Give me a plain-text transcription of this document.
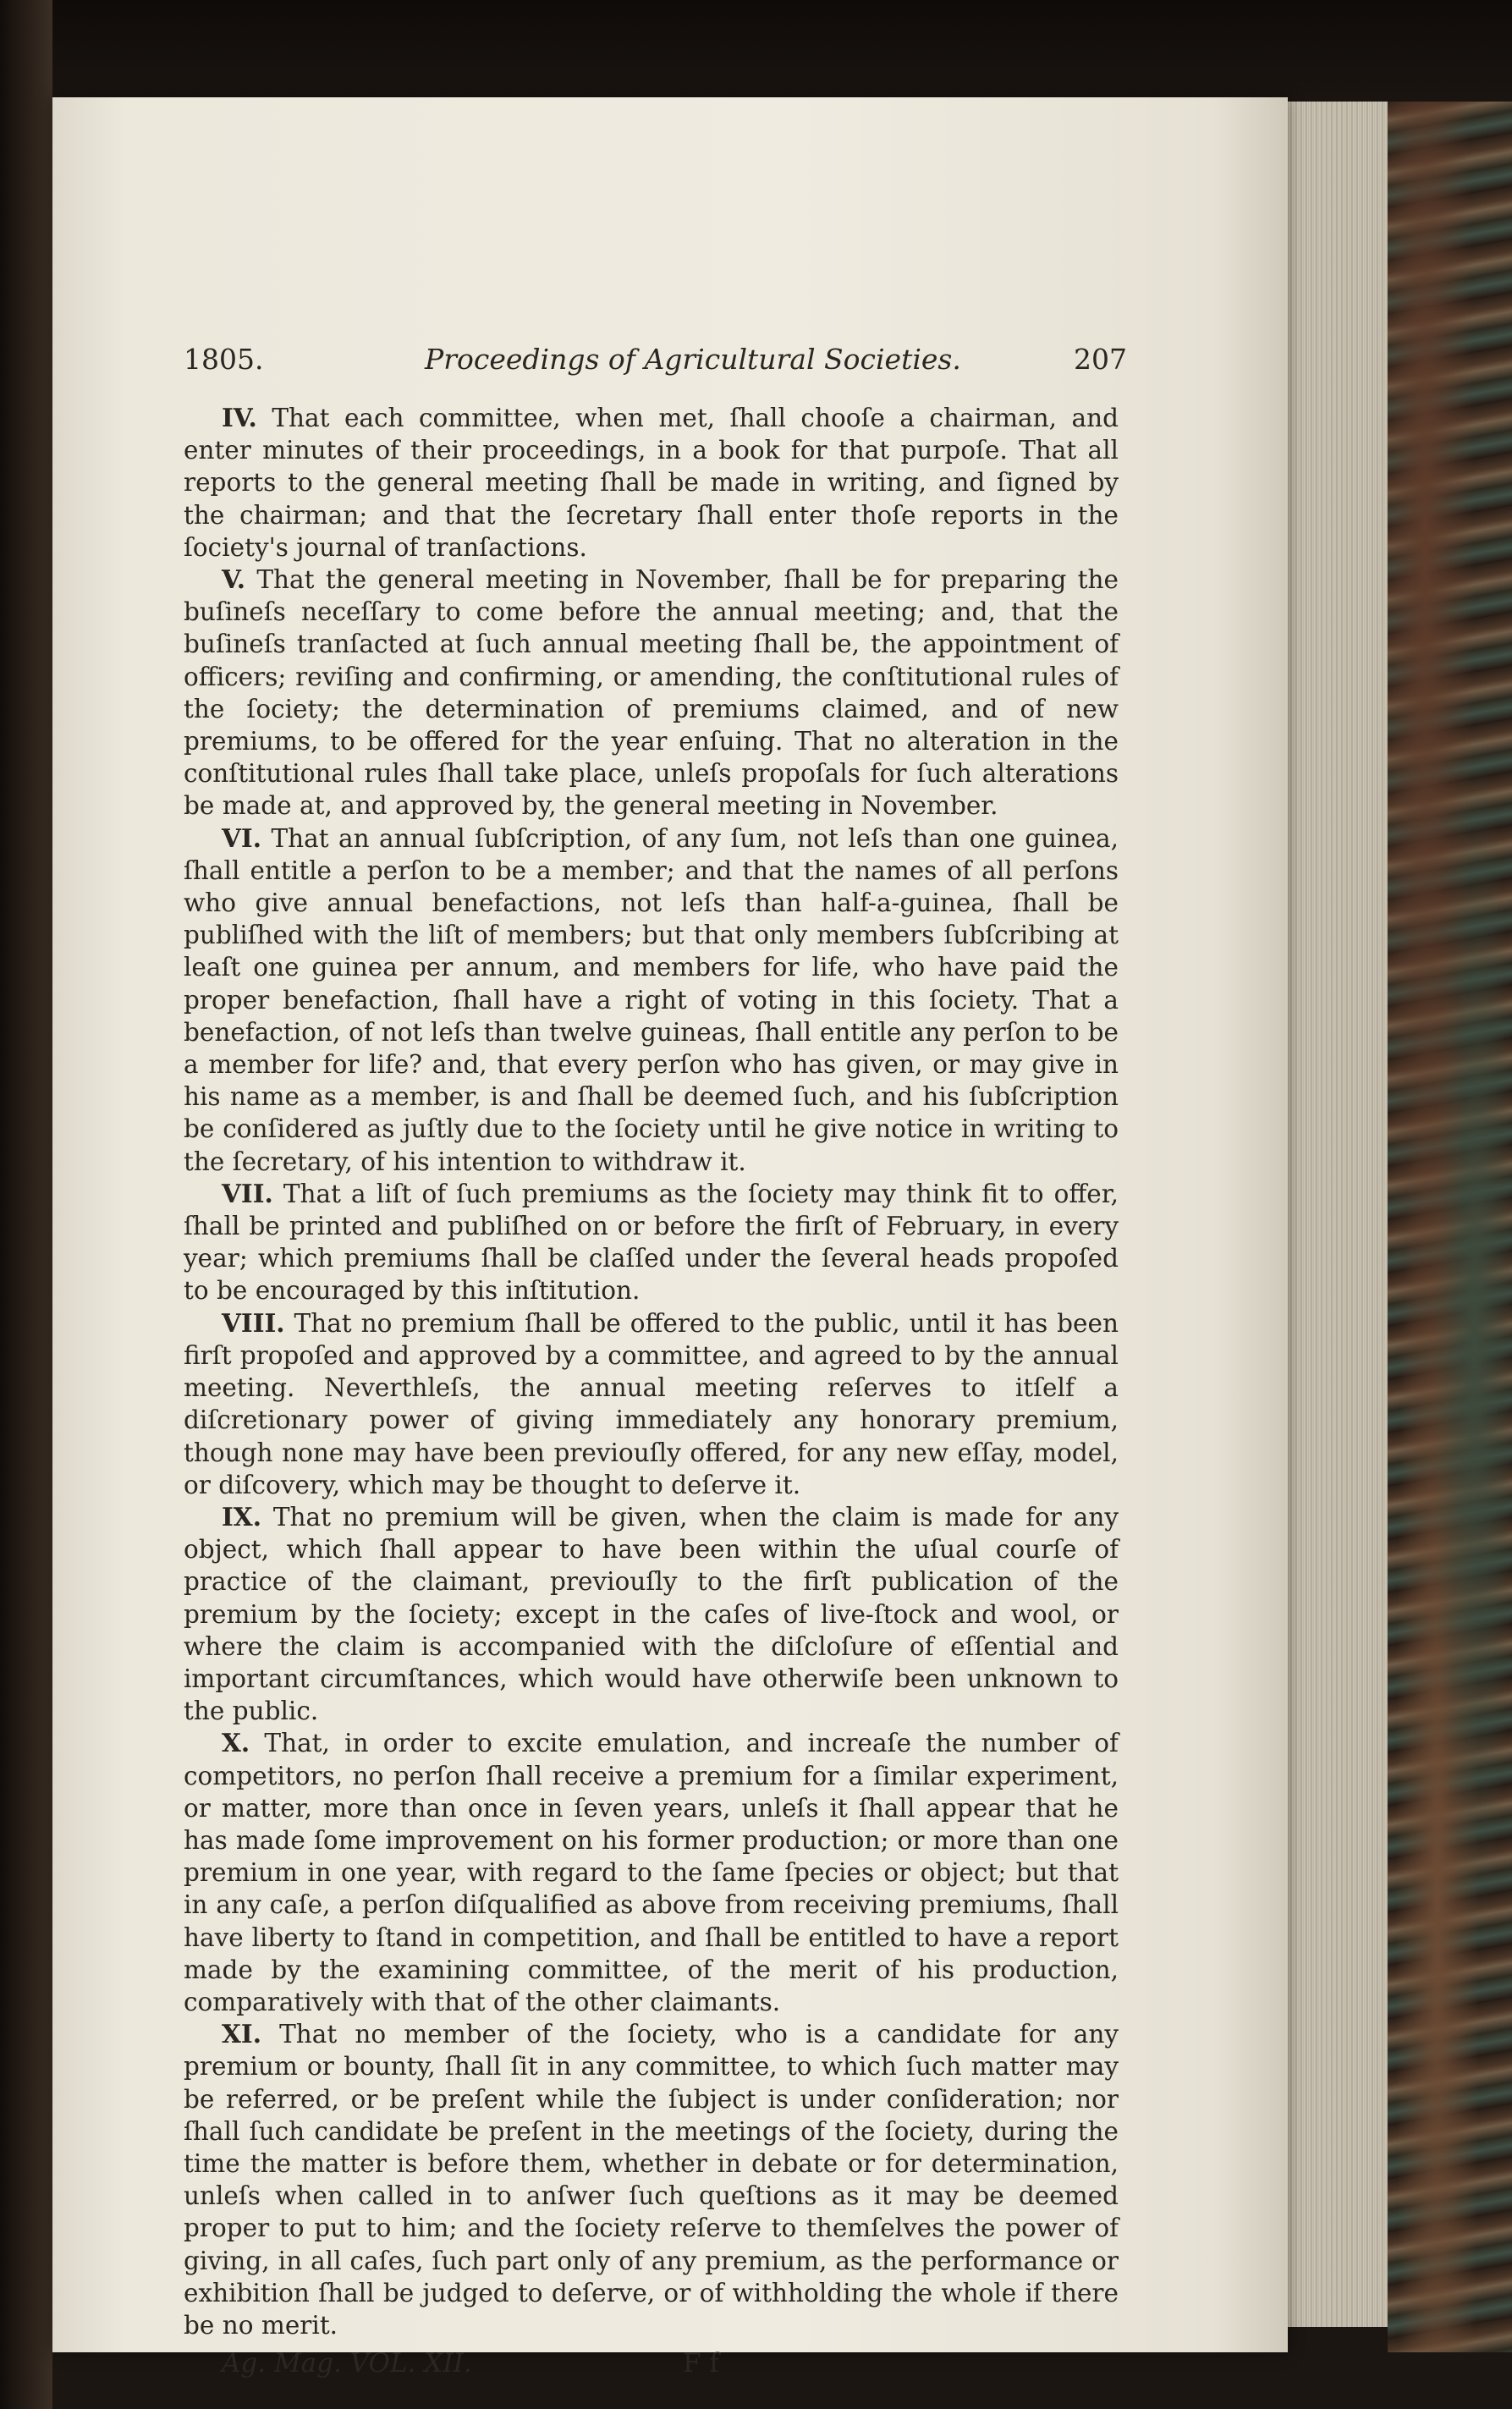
1805.	Proceedings of Agricultural Societies.	207

IV. That each committee, when met, ſhall chooſe a chairman, and enter minutes of their proceedings, in a book for that purpoſe. That all reports to the general meeting ſhall be made in writing, and ſigned by the chairman; and that the ſecretary ſhall enter thoſe reports in the ſociety's journal of tranſactions.

V. That the general meeting in November, ſhall be for preparing the buſineſs neceſſary to come before the annual meeting; and, that the buſineſs tranſacted at ſuch annual meeting ſhall be, the appointment of officers; reviſing and confirming, or amending, the conſtitutional rules of the ſociety; the determination of premiums claimed, and of new premiums, to be offered for the year enſuing. That no alteration in the conſtitutional rules ſhall take place, unleſs propoſals for ſuch alterations be made at, and approved by, the general meeting in November.

VI. That an annual ſubſcription, of any ſum, not leſs than one guinea, ſhall entitle a perſon to be a member; and that the names of all perſons who give annual benefactions, not leſs than half-a-guinea, ſhall be publiſhed with the liſt of members; but that only members ſubſcribing at leaſt one guinea per annum, and members for life, who have paid the proper benefaction, ſhall have a right of voting in this ſociety. That a benefaction, of not leſs than twelve guineas, ſhall entitle any perſon to be a member for life? and, that every perſon who has given, or may give in his name as a member, is and ſhall be deemed ſuch, and his ſubſcription be conſidered as juſtly due to the ſociety until he give notice in writing to the ſecretary, of his intention to withdraw it.

VII. That a liſt of ſuch premiums as the ſociety may think fit to offer, ſhall be printed and publiſhed on or before the firſt of February, in every year; which premiums ſhall be claſſed under the ſeveral heads propoſed to be encouraged by this inſtitution.

VIII. That no premium ſhall be offered to the public, until it has been firſt propoſed and approved by a committee, and agreed to by the annual meeting. Neverthleſs, the annual meeting reſerves to itſelf a diſcretionary power of giving immediately any honorary premium, though none may have been previouſly offered, for any new eſſay, model, or diſcovery, which may be thought to deſerve it.

IX. That no premium will be given, when the claim is made for any object, which ſhall appear to have been within the uſual courſe of practice of the claimant, previouſly to the firſt publication of the premium by the ſociety; except in the caſes of live-ſtock and wool, or where the claim is accompanied with the diſcloſure of eſſential and important circumſtances, which would have otherwiſe been unknown to the public.

X. That, in order to excite emulation, and increaſe the number of competitors, no perſon ſhall receive a premium for a ſimilar experiment, or matter, more than once in ſeven years, unleſs it ſhall appear that he has made ſome improvement on his former production; or more than one premium in one year, with regard to the ſame ſpecies or object; but that in any caſe, a perſon diſqualified as above from receiving premiums, ſhall have liberty to ſtand in competition, and ſhall be entitled to have a report made by the examining committee, of the merit of his production, comparatively with that of the other claimants.

XI. That no member of the ſociety, who is a candidate for any premium or bounty, ſhall ſit in any committee, to which ſuch matter may be referred, or be preſent while the ſubject is under conſideration; nor ſhall ſuch candidate be preſent in the meetings of the ſociety, during the time the matter is before them, whether in debate or for determination, unleſs when called in to anſwer ſuch queſtions as it may be deemed proper to put to him; and the ſociety reſerve to themſelves the power of giving, in all caſes, ſuch part only of any premium, as the performance or exhibition ſhall be judged to deſerve, or of withholding the whole if there be no merit.

Ag. Mag. VOL. XII.	F f
